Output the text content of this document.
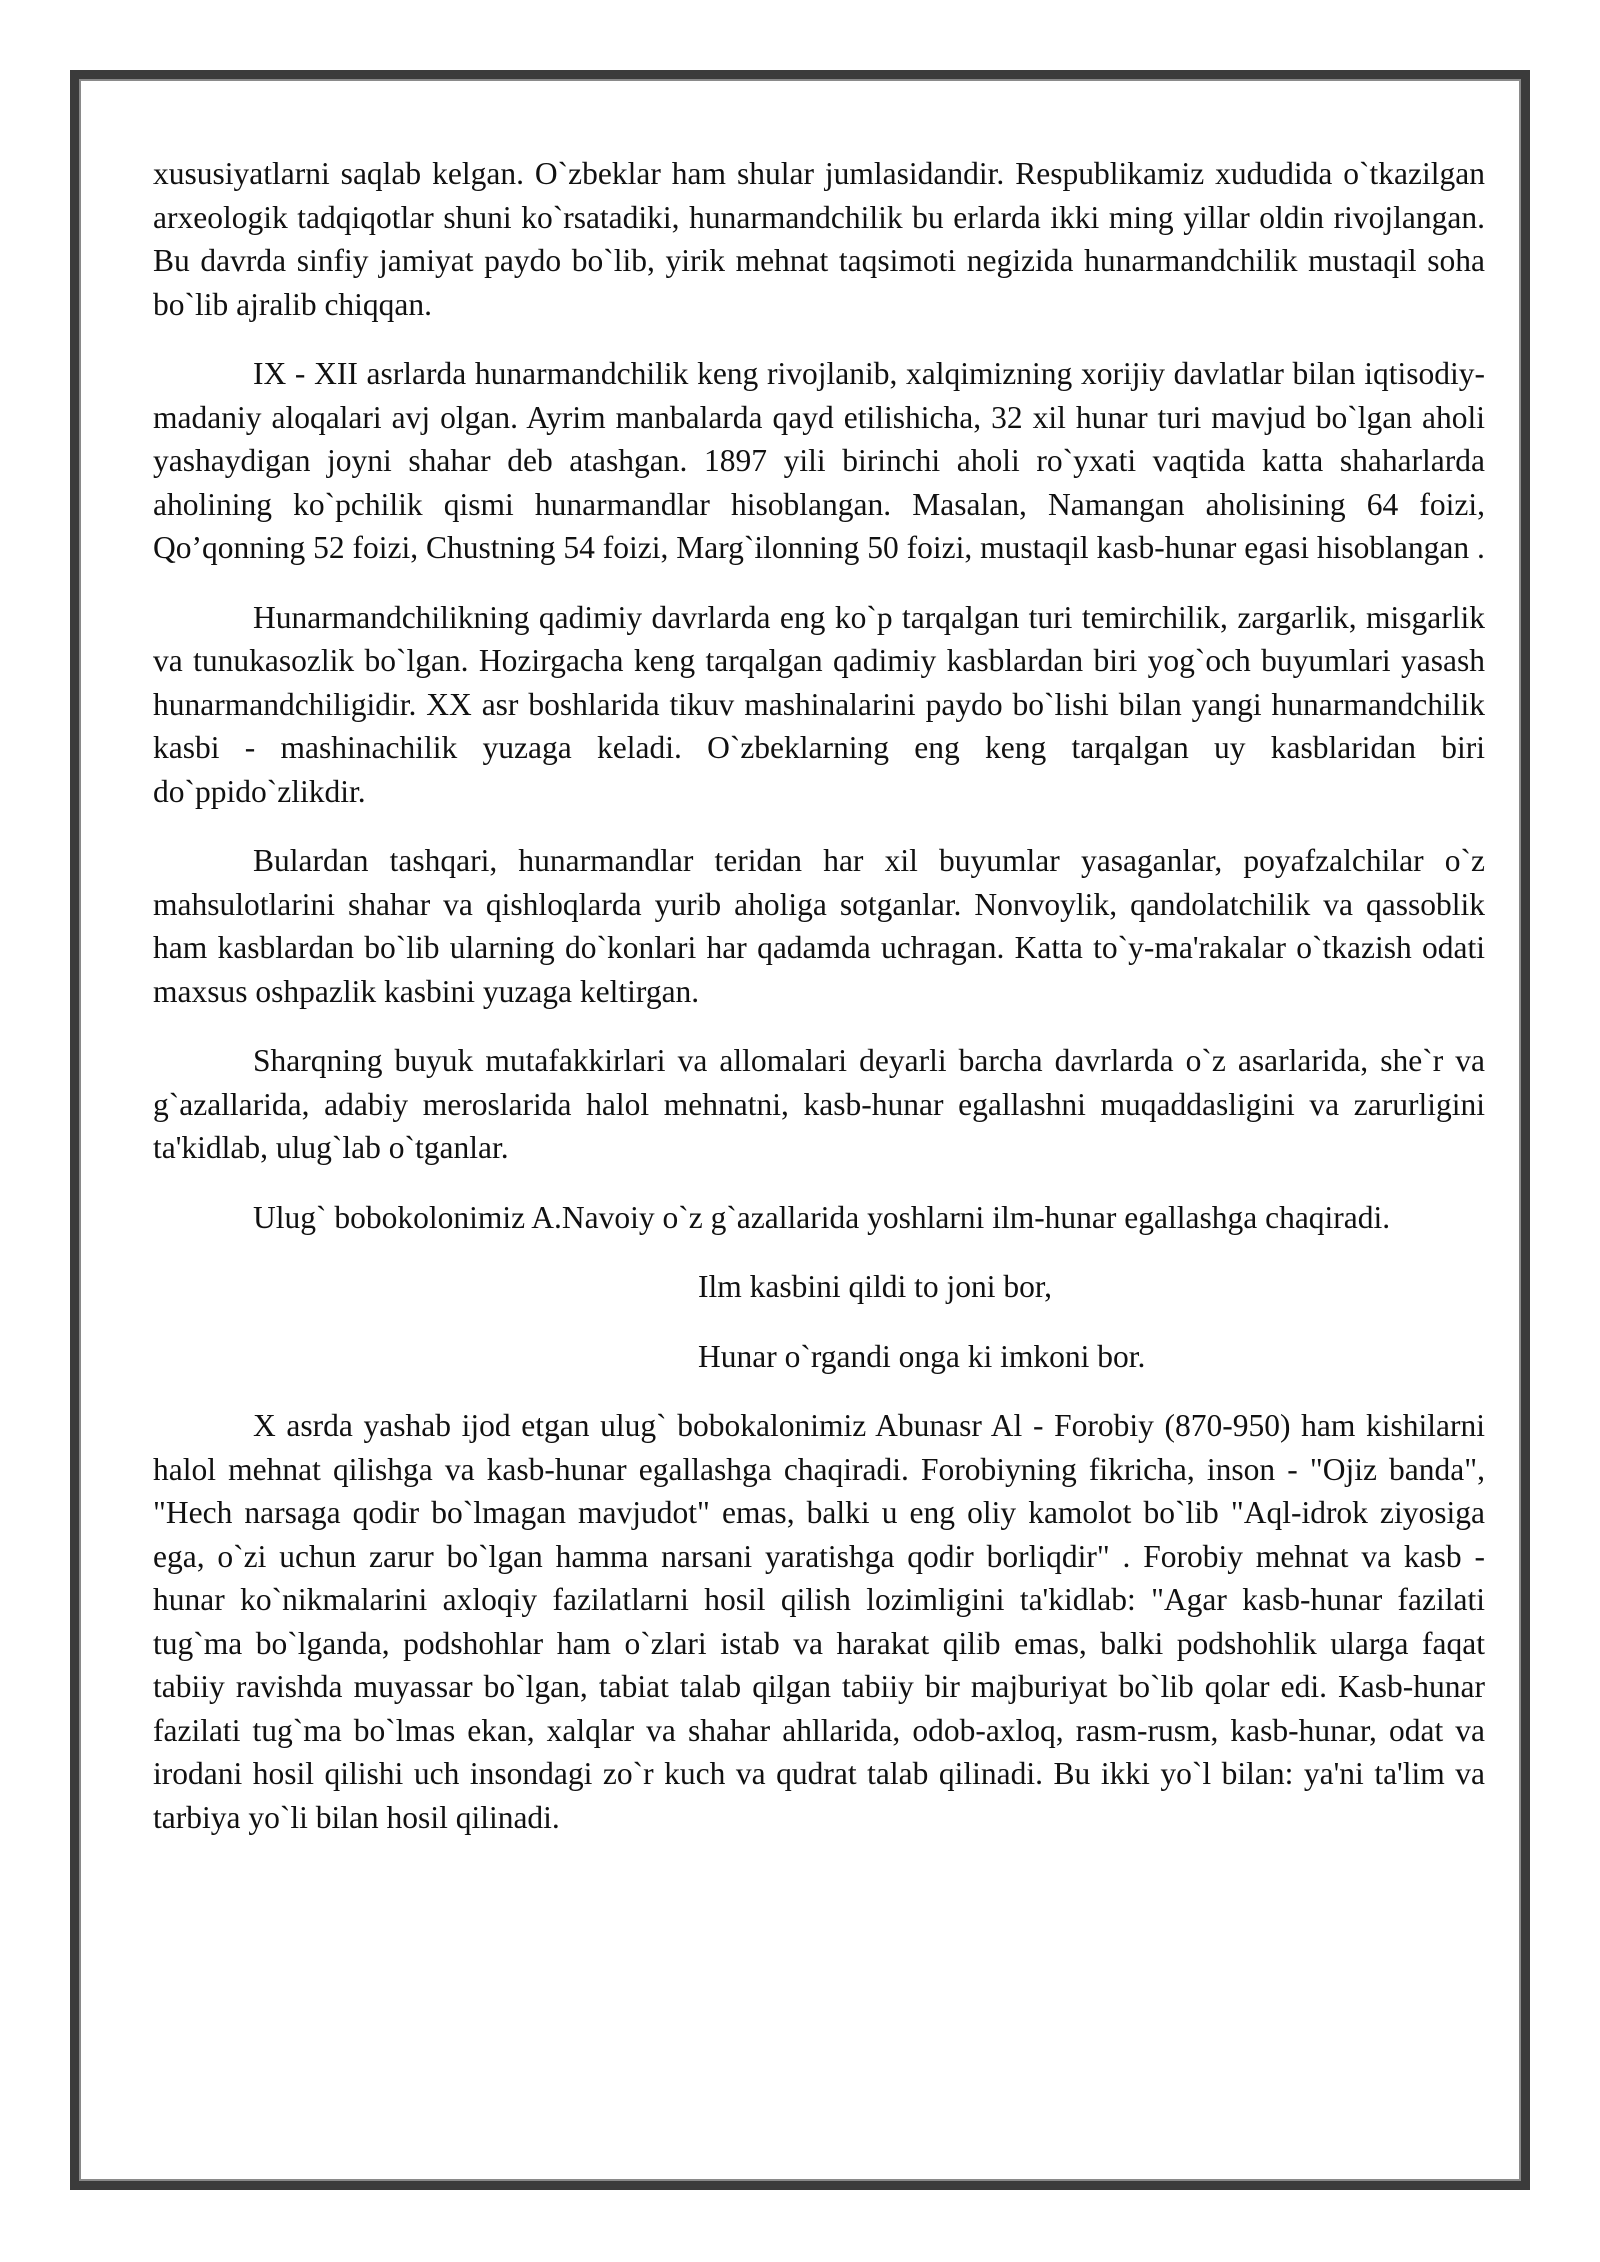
xususiyatlarni saqlab kelgan. O`zbeklar ham shular jumlasidandir. Respublikamiz xududida o`tkazilgan arxeologik tadqiqotlar shuni ko`rsatadiki, hunarmandchilik bu erlarda ikki ming yillar oldin rivojlangan. Bu davrda sinfiy jamiyat paydo bo`lib, yirik mehnat taqsimoti negizida hunarmandchilik mustaqil soha bo`lib ajralib chiqqan.

IX - XII asrlarda hunarmandchilik keng rivojlanib, xalqimizning xorijiy davlatlar bilan iqtisodiy-madaniy aloqalari avj olgan. Ayrim manbalarda qayd etilishicha, 32 xil hunar turi mavjud bo`lgan aholi yashaydigan joyni shahar deb atashgan. 1897 yili birinchi aholi ro`yxati vaqtida katta shaharlarda aholining ko`pchilik qismi hunarmandlar hisoblangan. Masalan, Namangan aholisining 64 foizi, Qo’qonning 52 foizi, Chustning 54 foizi, Marg`ilonning 50 foizi, mustaqil kasb-hunar egasi hisoblangan .

Hunarmandchilikning qadimiy davrlarda eng ko`p tarqalgan turi temirchilik, zargarlik, misgarlik va tunukasozlik bo`lgan. Hozirgacha keng tarqalgan qadimiy kasblardan biri yog`och buyumlari yasash hunarmandchiligidir. XX asr boshlarida tikuv mashinalarini paydo bo`lishi bilan yangi hunarmandchilik kasbi - mashinachilik yuzaga keladi. O`zbeklarning eng keng tarqalgan uy kasblaridan biri do`ppido`zlikdir.

Bulardan tashqari, hunarmandlar teridan har xil buyumlar yasaganlar, poyafzalchilar o`z mahsulotlarini shahar va qishloqlarda yurib aholiga sotganlar. Nonvoylik, qandolatchilik va qassoblik ham kasblardan bo`lib ularning do`konlari har qadamda uchragan. Katta to`y-ma'rakalar o`tkazish odati maxsus oshpazlik kasbini yuzaga keltirgan.

Sharqning buyuk mutafakkirlari va allomalari deyarli barcha davrlarda o`z asarlarida, she`r va g`azallarida, adabiy meroslarida halol mehnatni, kasb-hunar egallashni muqaddasligini va zarurligini ta'kidlab, ulug`lab o`tganlar.

Ulug` bobokolonimiz A.Navoiy o`z g`azallarida yoshlarni ilm-hunar egallashga chaqiradi.

Ilm kasbini qildi to joni bor,

Hunar o`rgandi onga ki imkoni bor.

X asrda yashab ijod etgan ulug` bobokalonimiz Abunasr Al - Forobiy (870-950) ham kishilarni halol mehnat qilishga va kasb-hunar egallashga chaqiradi. Forobiyning fikricha, inson - "Ojiz banda", "Hech narsaga qodir bo`lmagan mavjudot" emas, balki u eng oliy kamolot bo`lib "Aql-idrok ziyosiga ega, o`zi uchun zarur bo`lgan hamma narsani yaratishga qodir borliqdir" . Forobiy mehnat va kasb - hunar ko`nikmalarini axloqiy fazilatlarni hosil qilish lozimligini ta'kidlab: "Agar kasb-hunar fazilati tug`ma bo`lganda, podshohlar ham o`zlari istab va harakat qilib emas, balki podshohlik ularga faqat tabiiy ravishda muyassar bo`lgan, tabiat talab qilgan tabiiy bir majburiyat bo`lib qolar edi. Kasb-hunar fazilati tug`ma bo`lmas ekan, xalqlar va shahar ahllarida, odob-axloq, rasm-rusm, kasb-hunar, odat va irodani hosil qilishi uch insondagi zo`r kuch va qudrat talab qilinadi. Bu ikki yo`l bilan: ya'ni ta'lim va tarbiya yo`li bilan hosil qilinadi.
